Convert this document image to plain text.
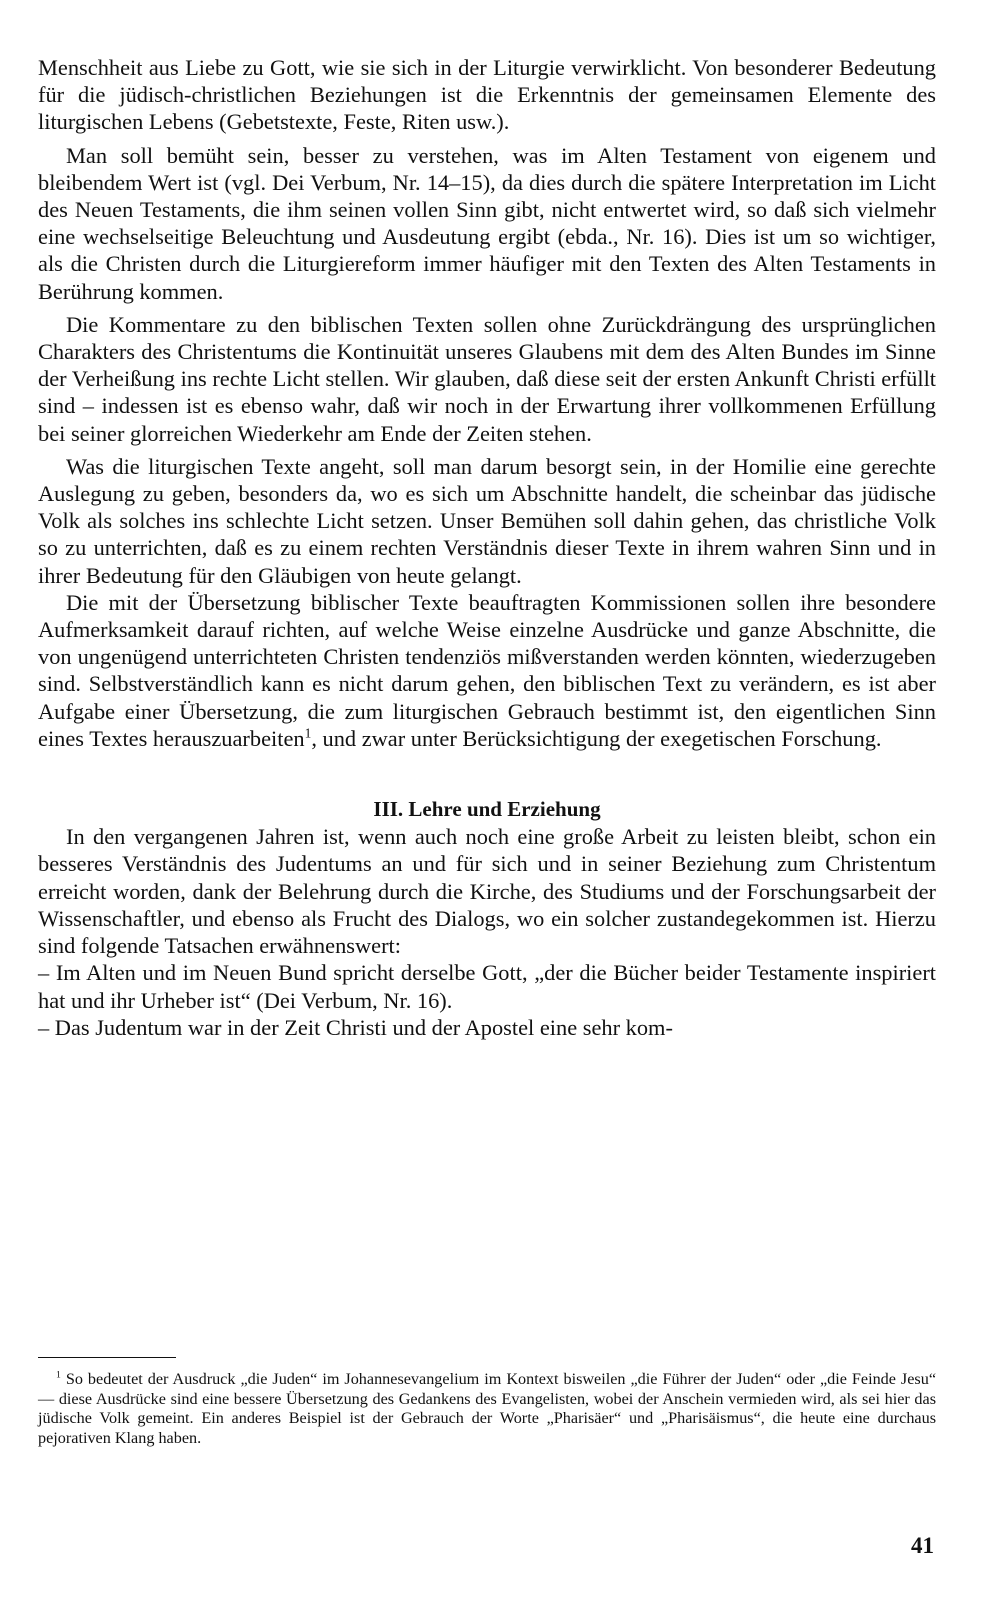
Menschheit aus Liebe zu Gott, wie sie sich in der Liturgie verwirklicht. Von besonderer Bedeutung für die jüdisch-christlichen Beziehungen ist die Erkenntnis der gemeinsamen Elemente des liturgischen Lebens (Gebetstexte, Feste, Riten usw.).

Man soll bemüht sein, besser zu verstehen, was im Alten Testament von eigenem und bleibendem Wert ist (vgl. Dei Verbum, Nr. 14–15), da dies durch die spätere Interpretation im Licht des Neuen Testaments, die ihm seinen vollen Sinn gibt, nicht entwertet wird, so daß sich vielmehr eine wechselseitige Beleuchtung und Ausdeutung ergibt (ebda., Nr. 16). Dies ist um so wichtiger, als die Christen durch die Liturgiereform immer häufiger mit den Texten des Alten Testaments in Berührung kommen.

Die Kommentare zu den biblischen Texten sollen ohne Zurückdrängung des ursprünglichen Charakters des Christentums die Kontinuität unseres Glaubens mit dem des Alten Bundes im Sinne der Verheißung ins rechte Licht stellen. Wir glauben, daß diese seit der ersten Ankunft Christi erfüllt sind – indessen ist es ebenso wahr, daß wir noch in der Erwartung ihrer vollkommenen Erfüllung bei seiner glorreichen Wiederkehr am Ende der Zeiten stehen.

Was die liturgischen Texte angeht, soll man darum besorgt sein, in der Homilie eine gerechte Auslegung zu geben, besonders da, wo es sich um Abschnitte handelt, die scheinbar das jüdische Volk als solches ins schlechte Licht setzen. Unser Bemühen soll dahin gehen, das christliche Volk so zu unterrichten, daß es zu einem rechten Verständnis dieser Texte in ihrem wahren Sinn und in ihrer Bedeutung für den Gläubigen von heute gelangt.

Die mit der Übersetzung biblischer Texte beauftragten Kommissionen sollen ihre besondere Aufmerksamkeit darauf richten, auf welche Weise einzelne Ausdrücke und ganze Abschnitte, die von ungenügend unterrichteten Christen tendenziös mißverstanden werden könnten, wiederzugeben sind. Selbstverständlich kann es nicht darum gehen, den biblischen Text zu verändern, es ist aber Aufgabe einer Übersetzung, die zum liturgischen Gebrauch bestimmt ist, den eigentlichen Sinn eines Textes herauszuarbeiten$^1$, und zwar unter Berücksichtigung der exegetischen Forschung.

III. Lehre und Erziehung

In den vergangenen Jahren ist, wenn auch noch eine große Arbeit zu leisten bleibt, schon ein besseres Verständnis des Judentums an und für sich und in seiner Beziehung zum Christentum erreicht worden, dank der Belehrung durch die Kirche, des Studiums und der Forschungsarbeit der Wissenschaftler, und ebenso als Frucht des Dialogs, wo ein solcher zustandegekommen ist. Hierzu sind folgende Tatsachen erwähnenswert:

– Im Alten und im Neuen Bund spricht derselbe Gott, „der die Bücher beider Testamente inspiriert hat und ihr Urheber ist“ (Dei Verbum, Nr. 16).

– Das Judentum war in der Zeit Christi und der Apostel eine sehr kom-

$^1$ So bedeutet der Ausdruck „die Juden“ im Johannesevangelium im Kontext bisweilen „die Führer der Juden“ oder „die Feinde Jesu“ — diese Ausdrücke sind eine bessere Übersetzung des Gedankens des Evangelisten, wobei der Anschein vermieden wird, als sei hier das jüdische Volk gemeint. Ein anderes Beispiel ist der Gebrauch der Worte „Pharisäer“ und „Pharisäismus“, die heute eine durchaus pejorativen Klang haben.

41
